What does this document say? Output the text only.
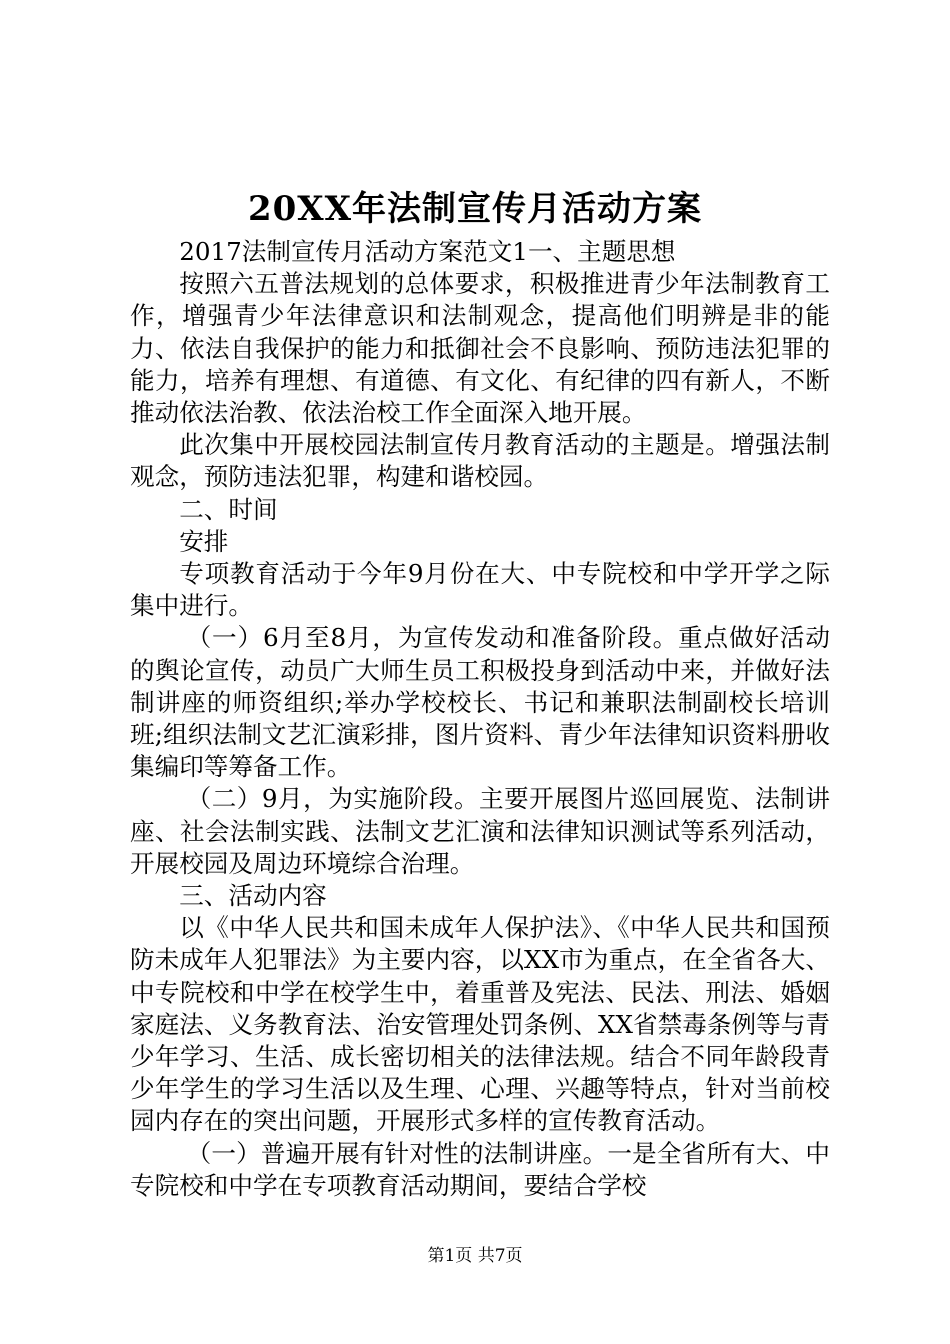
20XX年法制宣传月活动方案

2017法制宣传月活动方案范文1一、主题思想

按照六五普法规划的总体要求，积极推进青少年法制教育工作，增强青少年法律意识和法制观念，提高他们明辨是非的能力、依法自我保护的能力和抵御社会不良影响、预防违法犯罪的能力，培养有理想、有道德、有文化、有纪律的四有新人，不断推动依法治教、依法治校工作全面深入地开展。

此次集中开展校园法制宣传月教育活动的主题是。增强法制观念，预防违法犯罪，构建和谐校园。

二、时间

安排

专项教育活动于今年9月份在大、中专院校和中学开学之际集中进行。

（一）6月至8月，为宣传发动和准备阶段。重点做好活动的舆论宣传，动员广大师生员工积极投身到活动中来，并做好法制讲座的师资组织;举办学校校长、书记和兼职法制副校长培训班;组织法制文艺汇演彩排，图片资料、青少年法律知识资料册收集编印等筹备工作。

（二）9月，为实施阶段。主要开展图片巡回展览、法制讲座、社会法制实践、法制文艺汇演和法律知识测试等系列活动，开展校园及周边环境综合治理。

三、活动内容

以《中华人民共和国未成年人保护法》、《中华人民共和国预防未成年人犯罪法》为主要内容，以XX市为重点，在全省各大、中专院校和中学在校学生中，着重普及宪法、民法、刑法、婚姻家庭法、义务教育法、治安管理处罚条例、XX省禁毒条例等与青少年学习、生活、成长密切相关的法律法规。结合不同年龄段青少年学生的学习生活以及生理、心理、兴趣等特点，针对当前校园内存在的突出问题，开展形式多样的宣传教育活动。

（一）普遍开展有针对性的法制讲座。一是全省所有大、中专院校和中学在专项教育活动期间，要结合学校

第1页 共7页
